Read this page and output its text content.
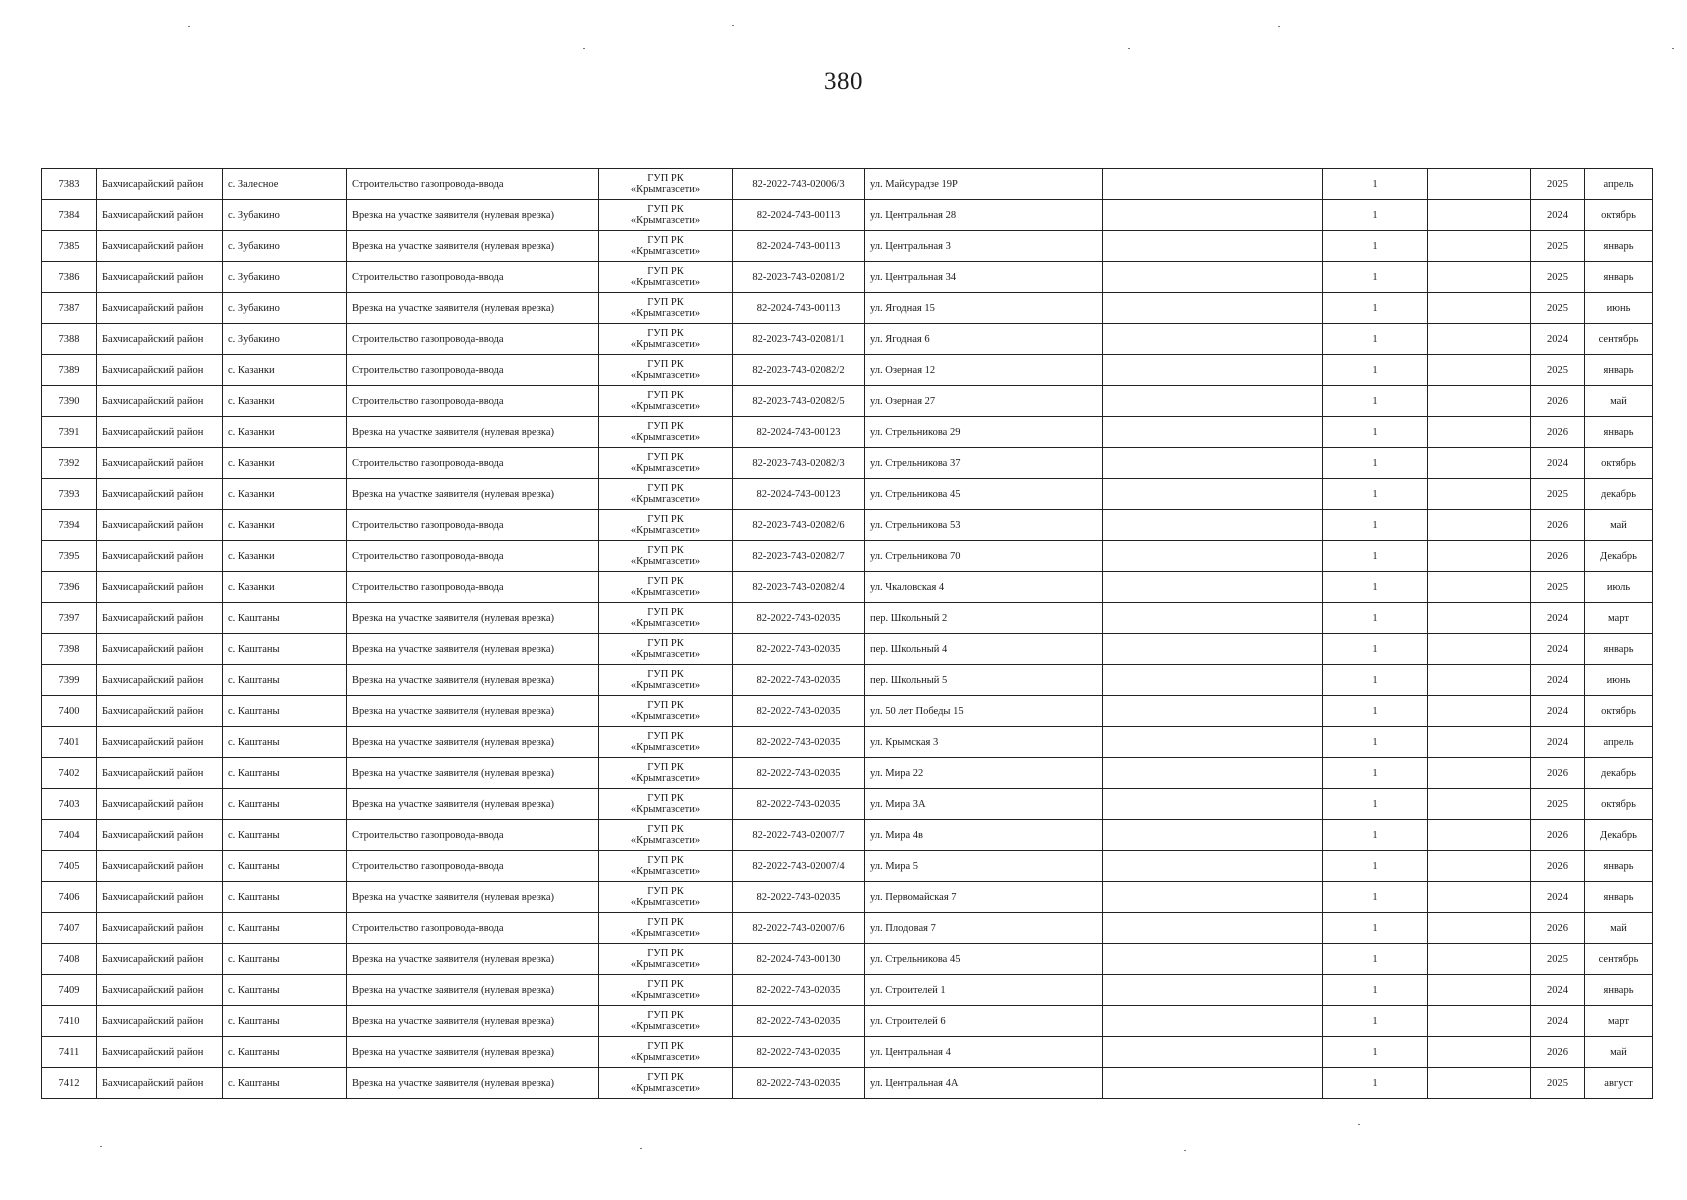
380
7383	Бахчисарайский район	с. Залесное	Строительство газопровода-ввода	ГУП РК
«Крымгазсети»	82-2022-743-02006/3	ул. Майсурадзе 19Р		1		2025	апрель
7384	Бахчисарайский район	с. Зубакино	Врезка на участке заявителя (нулевая врезка)	ГУП РК
«Крымгазсети»	82-2024-743-00113	ул. Центральная 28		1		2024	октябрь
7385	Бахчисарайский район	с. Зубакино	Врезка на участке заявителя (нулевая врезка)	ГУП РК
«Крымгазсети»	82-2024-743-00113	ул. Центральная 3		1		2025	январь
7386	Бахчисарайский район	с. Зубакино	Строительство газопровода-ввода	ГУП РК
«Крымгазсети»	82-2023-743-02081/2	ул. Центральная 34		1		2025	январь
7387	Бахчисарайский район	с. Зубакино	Врезка на участке заявителя (нулевая врезка)	ГУП РК
«Крымгазсети»	82-2024-743-00113	ул. Ягодная 15		1		2025	июнь
7388	Бахчисарайский район	с. Зубакино	Строительство газопровода-ввода	ГУП РК
«Крымгазсети»	82-2023-743-02081/1	ул. Ягодная 6		1		2024	сентябрь
7389	Бахчисарайский район	с. Казанки	Строительство газопровода-ввода	ГУП РК
«Крымгазсети»	82-2023-743-02082/2	ул. Озерная 12		1		2025	январь
7390	Бахчисарайский район	с. Казанки	Строительство газопровода-ввода	ГУП РК
«Крымгазсети»	82-2023-743-02082/5	ул. Озерная 27		1		2026	май
7391	Бахчисарайский район	с. Казанки	Врезка на участке заявителя (нулевая врезка)	ГУП РК
«Крымгазсети»	82-2024-743-00123	ул. Стрельникова 29		1		2026	январь
7392	Бахчисарайский район	с. Казанки	Строительство газопровода-ввода	ГУП РК
«Крымгазсети»	82-2023-743-02082/3	ул. Стрельникова 37		1		2024	октябрь
7393	Бахчисарайский район	с. Казанки	Врезка на участке заявителя (нулевая врезка)	ГУП РК
«Крымгазсети»	82-2024-743-00123	ул. Стрельникова 45		1		2025	декабрь
7394	Бахчисарайский район	с. Казанки	Строительство газопровода-ввода	ГУП РК
«Крымгазсети»	82-2023-743-02082/6	ул. Стрельникова 53		1		2026	май
7395	Бахчисарайский район	с. Казанки	Строительство газопровода-ввода	ГУП РК
«Крымгазсети»	82-2023-743-02082/7	ул. Стрельникова 70		1		2026	Декабрь
7396	Бахчисарайский район	с. Казанки	Строительство газопровода-ввода	ГУП РК
«Крымгазсети»	82-2023-743-02082/4	ул. Чкаловская 4		1		2025	июль
7397	Бахчисарайский район	с. Каштаны	Врезка на участке заявителя (нулевая врезка)	ГУП РК
«Крымгазсети»	82-2022-743-02035	пер. Школьный 2		1		2024	март
7398	Бахчисарайский район	с. Каштаны	Врезка на участке заявителя (нулевая врезка)	ГУП РК
«Крымгазсети»	82-2022-743-02035	пер. Школьный 4		1		2024	январь
7399	Бахчисарайский район	с. Каштаны	Врезка на участке заявителя (нулевая врезка)	ГУП РК
«Крымгазсети»	82-2022-743-02035	пер. Школьный 5		1		2024	июнь
7400	Бахчисарайский район	с. Каштаны	Врезка на участке заявителя (нулевая врезка)	ГУП РК
«Крымгазсети»	82-2022-743-02035	ул. 50 лет Победы 15		1		2024	октябрь
7401	Бахчисарайский район	с. Каштаны	Врезка на участке заявителя (нулевая врезка)	ГУП РК
«Крымгазсети»	82-2022-743-02035	ул. Крымская 3		1		2024	апрель
7402	Бахчисарайский район	с. Каштаны	Врезка на участке заявителя (нулевая врезка)	ГУП РК
«Крымгазсети»	82-2022-743-02035	ул. Мира 22		1		2026	декабрь
7403	Бахчисарайский район	с. Каштаны	Врезка на участке заявителя (нулевая врезка)	ГУП РК
«Крымгазсети»	82-2022-743-02035	ул. Мира 3А		1		2025	октябрь
7404	Бахчисарайский район	с. Каштаны	Строительство газопровода-ввода	ГУП РК
«Крымгазсети»	82-2022-743-02007/7	ул. Мира 4в		1		2026	Декабрь
7405	Бахчисарайский район	с. Каштаны	Строительство газопровода-ввода	ГУП РК
«Крымгазсети»	82-2022-743-02007/4	ул. Мира 5		1		2026	январь
7406	Бахчисарайский район	с. Каштаны	Врезка на участке заявителя (нулевая врезка)	ГУП РК
«Крымгазсети»	82-2022-743-02035	ул. Первомайская 7		1		2024	январь
7407	Бахчисарайский район	с. Каштаны	Строительство газопровода-ввода	ГУП РК
«Крымгазсети»	82-2022-743-02007/6	ул. Плодовая 7		1		2026	май
7408	Бахчисарайский район	с. Каштаны	Врезка на участке заявителя (нулевая врезка)	ГУП РК
«Крымгазсети»	82-2024-743-00130	ул. Стрельникова 45		1		2025	сентябрь
7409	Бахчисарайский район	с. Каштаны	Врезка на участке заявителя (нулевая врезка)	ГУП РК
«Крымгазсети»	82-2022-743-02035	ул. Строителей 1		1		2024	январь
7410	Бахчисарайский район	с. Каштаны	Врезка на участке заявителя (нулевая врезка)	ГУП РК
«Крымгазсети»	82-2022-743-02035	ул. Строителей 6		1		2024	март
7411	Бахчисарайский район	с. Каштаны	Врезка на участке заявителя (нулевая врезка)	ГУП РК
«Крымгазсети»	82-2022-743-02035	ул. Центральная 4		1		2026	май
7412	Бахчисарайский район	с. Каштаны	Врезка на участке заявителя (нулевая врезка)	ГУП РК
«Крымгазсети»	82-2022-743-02035	ул. Центральная 4А		1		2025	август
